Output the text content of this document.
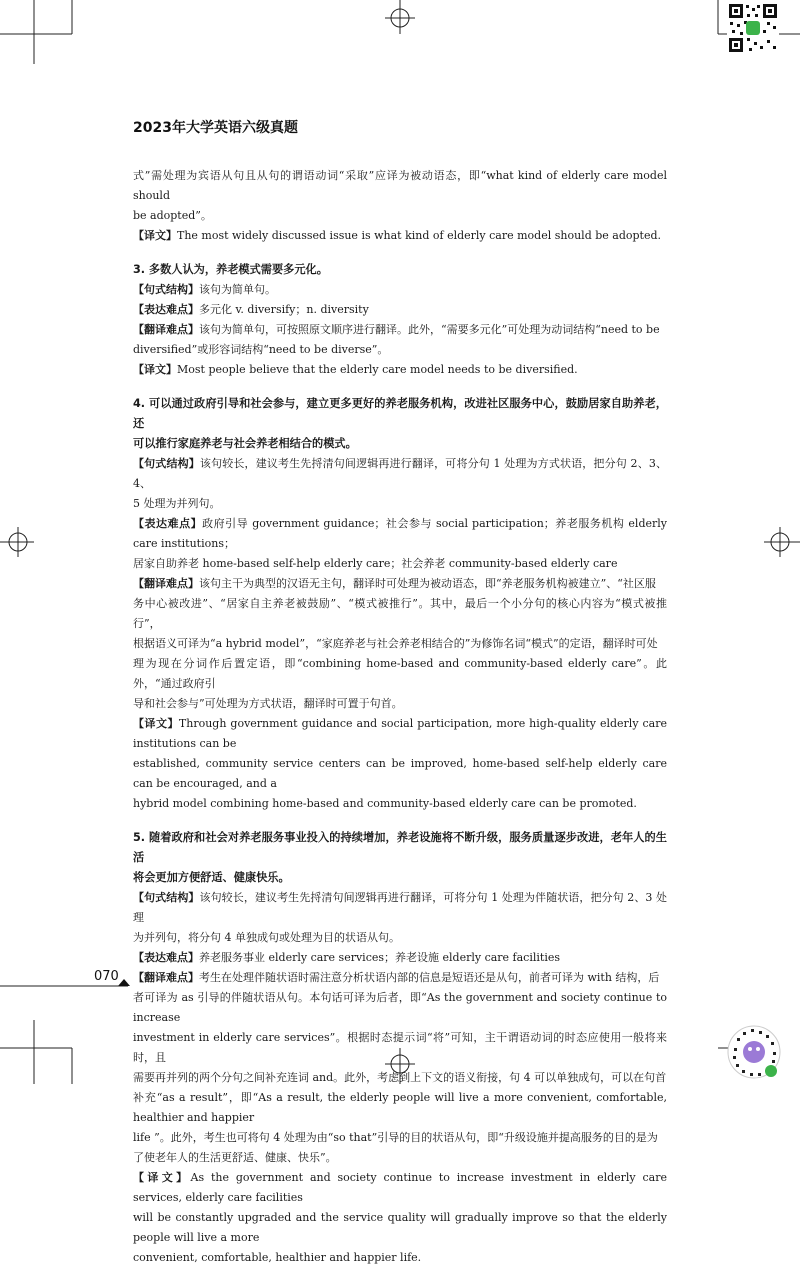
2023年大学英语六级真题

式”需处理为宾语从句且从句的谓语动词“采取”应译为被动语态，即“what kind of elderly care model should

be adopted”。

【译文】The most widely discussed issue is what kind of elderly care model should be adopted.

3. 多数人认为，养老模式需要多元化。

【句式结构】该句为简单句。

【表达难点】多元化 v. diversify；n. diversity

【翻译难点】该句为简单句，可按照原文顺序进行翻译。此外，“需要多元化”可处理为动词结构“need to be

diversified”或形容词结构“need to be diverse”。

【译文】Most people believe that the elderly care model needs to be diversified.

4. 可以通过政府引导和社会参与，建立更多更好的养老服务机构，改进社区服务中心，鼓励居家自助养老，还

可以推行家庭养老与社会养老相结合的模式。

【句式结构】该句较长，建议考生先捋清句间逻辑再进行翻译，可将分句 1 处理为方式状语，把分句 2、3、4、

5 处理为并列句。

【表达难点】政府引导 government guidance；社会参与 social participation；养老服务机构 elderly care institutions；

居家自助养老 home-based self-help elderly care；社会养老 community-based elderly care

【翻译难点】该句主干为典型的汉语无主句，翻译时可处理为被动语态，即“养老服务机构被建立”、“社区服

务中心被改进”、“居家自主养老被鼓励”、“模式被推行”。其中，最后一个小分句的核心内容为“模式被推行”，

根据语义可译为“a hybrid model”，“家庭养老与社会养老相结合的”为修饰名词“模式”的定语，翻译时可处

理为现在分词作后置定语，即“combining home-based and community-based elderly care”。此外，“通过政府引

导和社会参与”可处理为方式状语，翻译时可置于句首。

【译文】Through government guidance and social participation, more high-quality elderly care institutions can be

established, community service centers can be improved, home-based self-help elderly care can be encouraged, and a

hybrid model combining home-based and community-based elderly care can be promoted.

5. 随着政府和社会对养老服务事业投入的持续增加，养老设施将不断升级，服务质量逐步改进，老年人的生活

将会更加方便舒适、健康快乐。

【句式结构】该句较长，建议考生先捋清句间逻辑再进行翻译，可将分句 1 处理为伴随状语，把分句 2、3 处理

为并列句，将分句 4 单独成句或处理为目的状语从句。

【表达难点】养老服务事业 elderly care services；养老设施 elderly care facilities

【翻译难点】考生在处理伴随状语时需注意分析状语内部的信息是短语还是从句，前者可译为 with 结构，后

者可译为 as 引导的伴随状语从句。本句话可译为后者，即“As the government and society continue to increase

investment in elderly care services”。根据时态提示词“将”可知，主干谓语动词的时态应使用一般将来时，且

需要再并列的两个分句之间补充连词 and。此外，考虑到上下文的语义衔接，句 4 可以单独成句，可以在句首

补充“as a result”，即“As a result, the elderly people will live a more convenient, comfortable, healthier and happier

life ”。此外，考生也可将句 4 处理为由“so that”引导的目的状语从句，即“升级设施并提高服务的目的是为

了使老年人的生活更舒适、健康、快乐”。

【译文】As the government and society continue to increase investment in elderly care services, elderly care facilities

will be constantly upgraded and the service quality will gradually improve so that the elderly people will live a more

convenient, comfortable, healthier and happier life.

070
